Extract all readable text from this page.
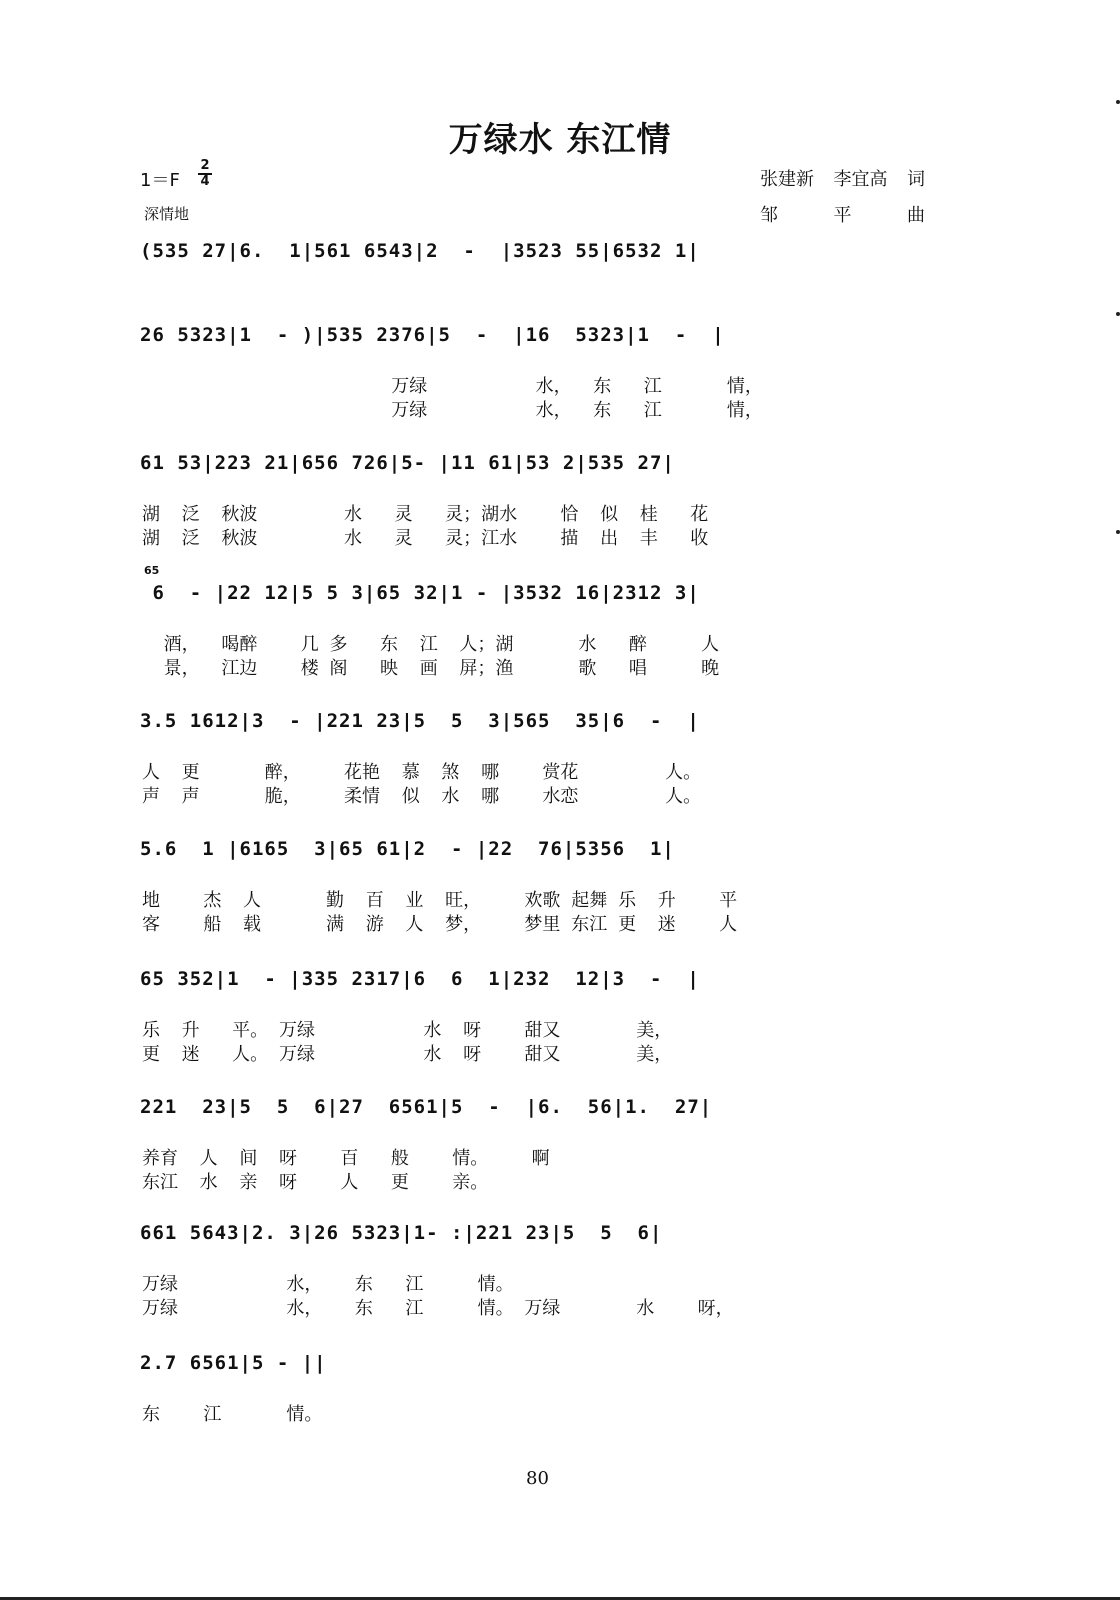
万绿水 东江情
1＝F
2
4
深情地
张建新 李宜高 词
邹	平	曲
(535 27|6.  1|561 6543|2  -  |3523 55|6532 1|
26 5323|1  - )|535 2376|5  -  |16  5323|1  -  |
万绿          水，  东   江      情，
万绿          水，  东   江      情，
61 53|223 21|656 726|5- |11 61|53 2|535 27|
湖  泛  秋波        水   灵   灵；湖水    恰  似  桂   花
湖  泛  秋波        水   灵   灵；江水    描  出  丰   收
65
6  - |22 12|5 5 3|65 32|1 - |3532 16|2312 3|
酒，  喝醉    几 多   东  江  人；湖      水   醉     人
景，  江边    楼 阁   映  画  屏；渔      歌   唱     晚
3.5 1612|3  - |221 23|5  5  3|565  35|6  -  |
人  更      醉，    花艳  慕  煞  哪    赏花        人。
声  声      脆，    柔情  似  水  哪    水恋        人。
5.6  1 |6165  3|65 61|2  - |22  76|5356  1|
地    杰  人      勤  百  业  旺，    欢歌 起舞 乐  升    平
客    船  载      满  游  人  梦，    梦里 东江 更  迷    人
65 352|1  - |335 2317|6  6  1|232  12|3  -  |
乐  升   平。 万绿          水  呀    甜又       美，
更  迷   人。 万绿          水  呀    甜又       美，
221  23|5  5  6|27  6561|5  -  |6.  56|1.  27|
养育  人  间  呀    百   般    情。    啊
东江  水  亲  呀    人   更    亲。
661 5643|2. 3|26 5323|1- :|221 23|5  5  6|
万绿          水，   东   江     情。
万绿          水，   东   江     情。 万绿       水    呀，
2.7 6561|5 - ||
东    江      情。
80
